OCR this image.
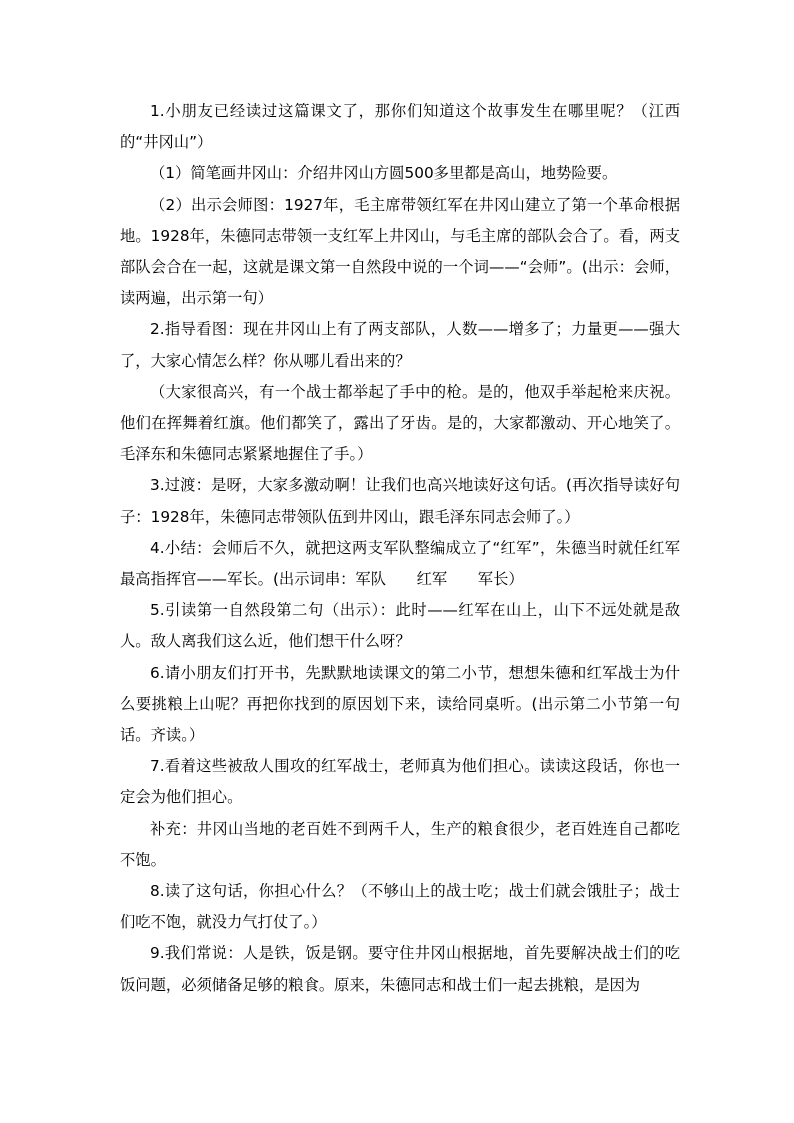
1.小朋友已经读过这篇课文了，那你们知道这个故事发生在哪里呢？（江西的“井冈山”）

（1）简笔画井冈山：介绍井冈山方圆500多里都是高山，地势险要。

（2）出示会师图：1927年，毛主席带领红军在井冈山建立了第一个革命根据地。1928年，朱德同志带领一支红军上井冈山，与毛主席的部队会合了。看，两支部队会合在一起，这就是课文第一自然段中说的一个词——“会师”。(出示：会师，读两遍，出示第一句）

2.指导看图：现在井冈山上有了两支部队，人数——增多了；力量更——强大了，大家心情怎么样？你从哪儿看出来的？

（大家很高兴，有一个战士都举起了手中的枪。是的，他双手举起枪来庆祝。他们在挥舞着红旗。他们都笑了，露出了牙齿。是的，大家都激动、开心地笑了。毛泽东和朱德同志紧紧地握住了手。）

3.过渡：是呀，大家多激动啊！让我们也高兴地读好这句话。(再次指导读好句子：1928年，朱德同志带领队伍到井冈山，跟毛泽东同志会师了。）

4.小结：会师后不久，就把这两支军队整编成立了“红军”，朱德当时就任红军最高指挥官——军长。(出示词串：军队　　红军　　军长）

5.引读第一自然段第二句（出示）：此时——红军在山上，山下不远处就是敌人。敌人离我们这么近，他们想干什么呀？

6.请小朋友们打开书，先默默地读课文的第二小节，想想朱德和红军战士为什么要挑粮上山呢？再把你找到的原因划下来，读给同桌听。(出示第二小节第一句话。齐读。）

7.看着这些被敌人围攻的红军战士，老师真为他们担心。读读这段话，你也一定会为他们担心。

补充：井冈山当地的老百姓不到两千人，生产的粮食很少，老百姓连自己都吃不饱。

8.读了这句话，你担心什么？（不够山上的战士吃；战士们就会饿肚子；战士们吃不饱，就没力气打仗了。）

9.我们常说：人是铁，饭是钢。要守住井冈山根据地，首先要解决战士们的吃饭问题，必须储备足够的粮食。原来，朱德同志和战士们一起去挑粮，是因为
